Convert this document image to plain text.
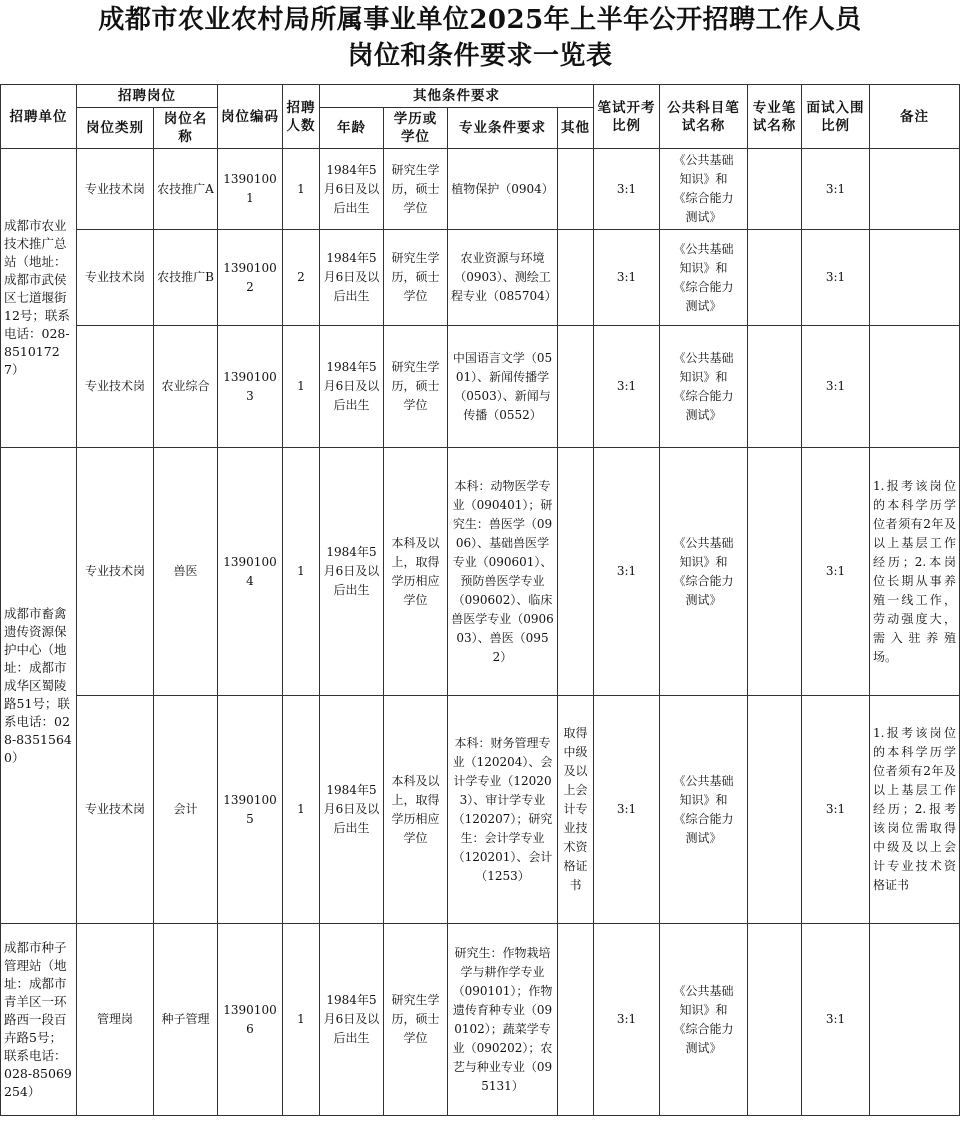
成都市农业农村局所属事业单位2025年上半年公开招聘工作人员
岗位和条件要求一览表
招聘单位	招聘岗位		岗位编码	招聘人数	其他条件要求				笔试开考比例	公共科目笔试名称	专业笔试名称	面试入围比例	备注
	岗位类别	岗位名称			年龄	学历或学位	专业条件要求	其他					
成都市农业技术推广总站（地址：成都市武侯区七道堰街12号；联系电话：028-85101727）	专业技术岗	农技推广A	13901001	1	1984年5月6日及以后出生	研究生学历，硕士学位	植物保护（0904）		3:1	《公共基础知识》和《综合能力测试》		3:1	
	专业技术岗	农技推广B	13901002	2	1984年5月6日及以后出生	研究生学历，硕士学位	农业资源与环境（0903）、测绘工程专业（085704）		3:1	《公共基础知识》和《综合能力测试》		3:1	
	专业技术岗	农业综合	13901003	1	1984年5月6日及以后出生	研究生学历，硕士学位	中国语言文学（0501）、新闻传播学（0503）、新闻与传播（0552）		3:1	《公共基础知识》和《综合能力测试》		3:1	
成都市畜禽遗传资源保护中心（地址：成都市成华区蜀陵路51号；联系电话：028-83515640）	专业技术岗	兽医	13901004	1	1984年5月6日及以后出生	本科及以上，取得学历相应学位	本科：动物医学专业（090401）；研究生：兽医学（0906）、基础兽医学专业（090601）、预防兽医学专业（090602）、临床兽医学专业（090603）、兽医（0952）		3:1	《公共基础知识》和《综合能力测试》		3:1	1.报考该岗位的本科学历学位者须有2年及以上基层工作经历；2.本岗位长期从事养殖一线工作，劳动强度大，需入驻养殖场。
	专业技术岗	会计	13901005	1	1984年5月6日及以后出生	本科及以上，取得学历相应学位	本科：财务管理专业（120204）、会计学专业（120203）、审计学专业（120207）；研究生：会计学专业（120201）、会计（1253）	取得中级及以上会计专业技术资格证书	3:1	《公共基础知识》和《综合能力测试》		3:1	1.报考该岗位的本科学历学位者须有2年及以上基层工作经历；2.报考该岗位需取得中级及以上会计专业技术资格证书
成都市种子管理站（地址：成都市青羊区一环路西一段百卉路5号；联系电话：028-85069254）	管理岗	种子管理	13901006	1	1984年5月6日及以后出生	研究生学历，硕士学位	研究生：作物栽培学与耕作学专业（090101）；作物遗传育种专业（090102）；蔬菜学专业（090202）；农艺与种业专业（095131）		3:1	《公共基础知识》和《综合能力测试》		3:1	
